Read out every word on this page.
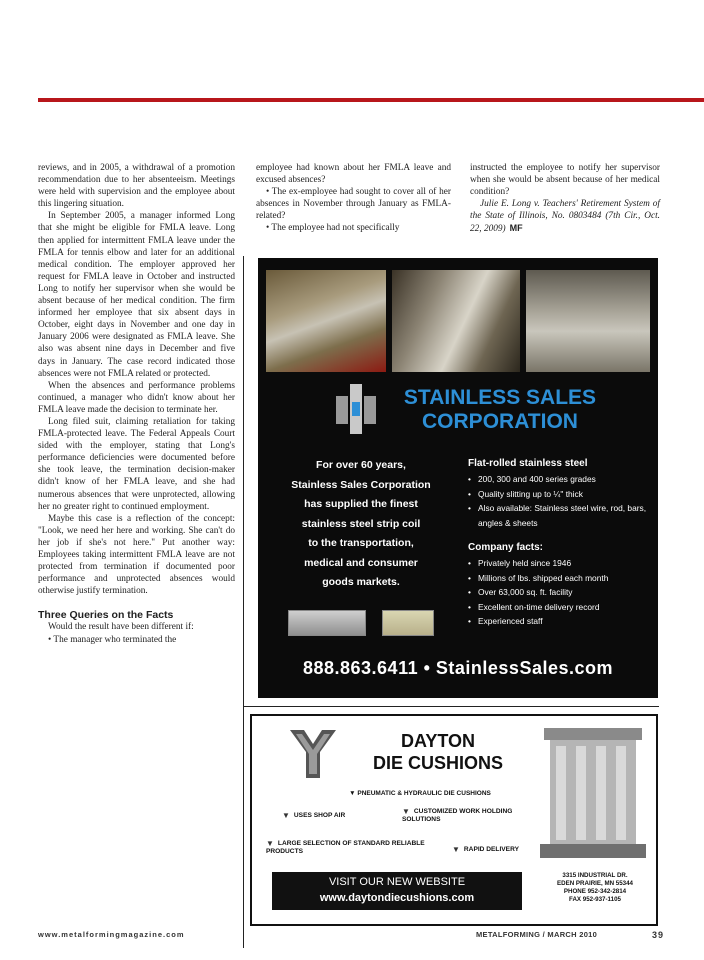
reviews, and in 2005, a withdrawal of a promotion recommendation due to her absenteeism. Meetings were held with supervision and the employee about this lingering situation.

In September 2005, a manager informed Long that she might be eligible for FMLA leave. Long then applied for intermittent FMLA leave under the FMLA for tennis elbow and later for an additional medical condition. The employer approved her request for FMLA leave in October and instructed Long to notify her supervisor when she would be absent because of her medical condition. The firm informed her employee that six absent days in October, eight days in November and one day in January 2006 were designated as FMLA leave. She also was absent nine days in December and five days in January. The case record indicated those absences were not FMLA related or protected.

When the absences and performance problems continued, a manager who didn't know about her FMLA leave made the decision to terminate her.

Long filed suit, claiming retaliation for taking FMLA-protected leave. The Federal Appeals Court sided with the employer, stating that Long's performance deficiencies were documented before she took leave, the termination decision-maker didn't know of her FMLA leave, and she had numerous absences that were unprotected, allowing her no greater right to continued employment.

Maybe this case is a reflection of the concept: "Look, we need her here and working. She can't do her job if she's not here." Put another way: Employees taking intermittent FMLA leave are not protected from termination if documented poor performance and unprotected absences would otherwise justify termination.

Three Queries on the Facts

Would the result have been different if:

• The manager who terminated the

employee had known about her FMLA leave and excused absences?

• The ex-employee had sought to cover all of her absences in November through January as FMLA-related?

• The employee had not specifically

instructed the employee to notify her supervisor when she would be absent because of her medical condition?

Julie E. Long v. Teachers' Retirement System of the State of Illinois, No. 0803484 (7th Cir., Oct. 22, 2009) MF

STAINLESS SALES
CORPORATION
For over 60 years,
Stainless Sales Corporation
has supplied the finest
stainless steel strip coil
to the transportation,
medical and consumer
goods markets.
Flat-rolled stainless steel
• 200, 300 and 400 series grades
• Quality slitting up to ¼" thick
• Also available: Stainless steel wire, rod, bars, angles & sheets
Company facts:
• Privately held since 1946
• Millions of lbs. shipped each month
• Over 63,000 sq. ft. facility
• Excellent on-time delivery record
• Experienced staff
888.863.6411 • StainlessSales.com
DAYTON
DIE CUSHIONS
▼ PNEUMATIC & HYDRAULIC DIE CUSHIONS
▼ USES SHOP AIR	▼ CUSTOMIZED WORK HOLDING SOLUTIONS
▼ LARGE SELECTION OF STANDARD RELIABLE PRODUCTS	▼ RAPID DELIVERY
VISIT OUR NEW WEBSITE
www.daytondiecushions.com
3315 INDUSTRIAL DR.
EDEN PRAIRIE, MN 55344
PHONE 952-342-2814
FAX 952-937-1105
www.metalformingmagazine.com	METALFORMING / MARCH 2010	39
